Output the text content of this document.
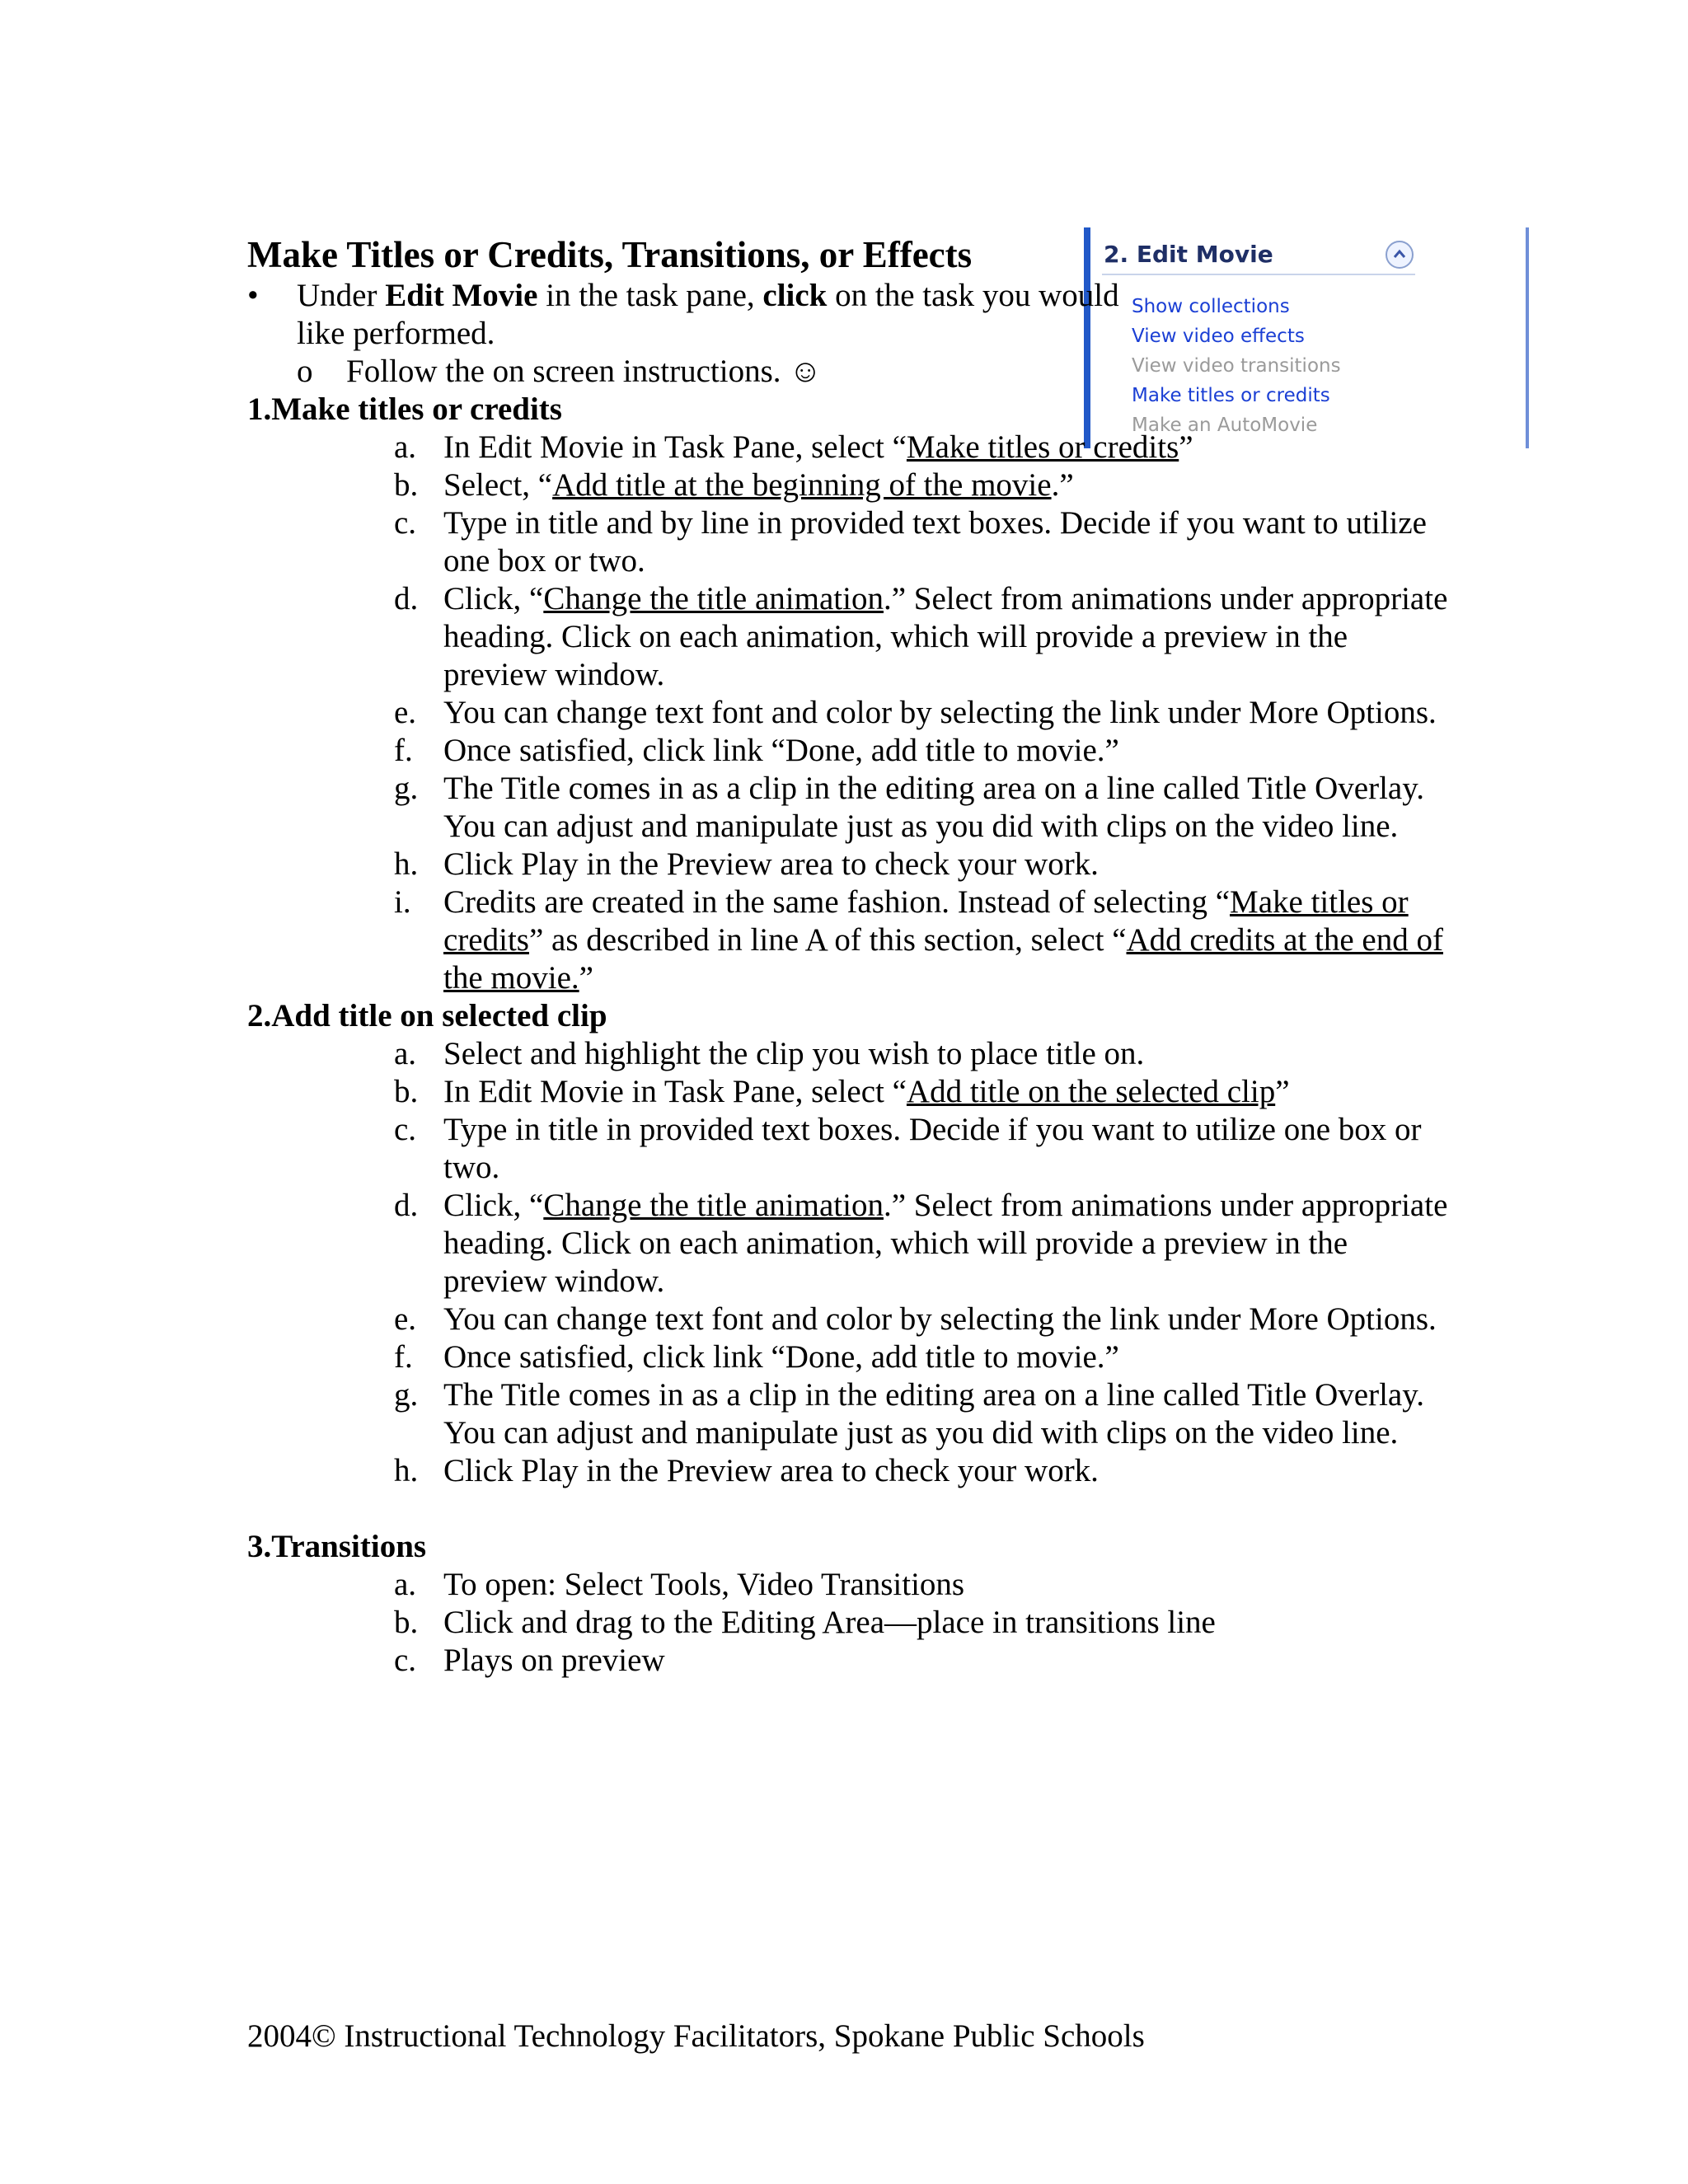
2. Edit Movie
Show collections
View video effects
View video transitions
Make titles or credits
Make an AutoMovie
Make Titles or Credits, Transitions, or Effects
• Under Edit Movie in the task pane, click on the task you would like performed.
o Follow the on screen instructions. ☺

1.Make titles or credits

a. In Edit Movie in Task Pane, select “Make titles or credits”
b. Select, “Add title at the beginning of the movie.”
c. Type in title and by line in provided text boxes. Decide if you want to utilize one box or two.
d. Click, “Change the title animation.” Select from animations under appropriate heading. Click on each animation, which will provide a preview in the preview window.
e. You can change text font and color by selecting the link under More Options.
f. Once satisfied, click link “Done, add title to movie.”
g. The Title comes in as a clip in the editing area on a line called Title Overlay. You can adjust and manipulate just as you did with clips on the video line.
h. Click Play in the Preview area to check your work.
i. Credits are created in the same fashion. Instead of selecting “Make titles or credits” as described in line A of this section, select “Add credits at the end of the movie.”

2.Add title on selected clip

a. Select and highlight the clip you wish to place title on.
b. In Edit Movie in Task Pane, select “Add title on the selected clip”
c. Type in title in provided text boxes. Decide if you want to utilize one box or two.
d. Click, “Change the title animation.” Select from animations under appropriate heading. Click on each animation, which will provide a preview in the preview window.
e. You can change text font and color by selecting the link under More Options.
f. Once satisfied, click link “Done, add title to movie.”
g. The Title comes in as a clip in the editing area on a line called Title Overlay. You can adjust and manipulate just as you did with clips on the video line.
h. Click Play in the Preview area to check your work.

3.Transitions

a. To open: Select Tools, Video Transitions
b. Click and drag to the Editing Area—place in transitions line
c. Plays on preview
2004© Instructional Technology Facilitators, Spokane Public Schools
